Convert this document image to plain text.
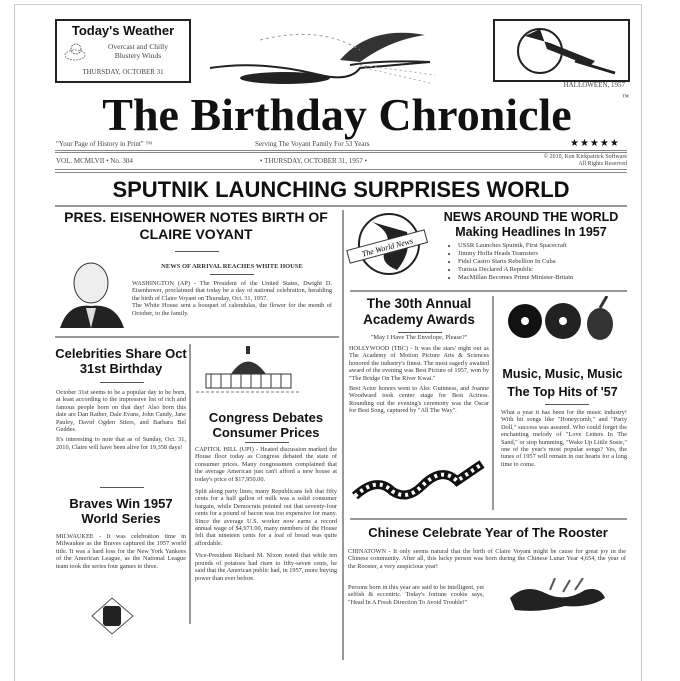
Today's Weather
Overcast and Chilly
Blustery Winds
THURSDAY, OCTOBER 31
HALLOWEEN, 1957
The Birthday Chronicle	™
"Your Page of History in Print" ™	Serving The Voyant Family For 53 Years	★★★★★
VOL. MCMLVII • No. 304	• THURSDAY, OCTOBER 31, 1957 •	© 2010, Ken Kirkpatrick Software
All Rights Reserved
SPUTNIK LAUNCHING SURPRISES WORLD
PRES. EISENHOWER NOTES BIRTH OF CLAIRE VOYANT
NEWS OF ARRIVAL REACHES WHITE HOUSE
WASHINGTON (AP) - The President of the United States, Dwight D. Eisenhower, proclaimed that today be a day of national celebration, heralding the birth of Claire Voyant on Thursday, Oct. 31, 1957.
The White House sent a bouquet of calendulas, the flower for the month of October, to the family.
Celebrities Share Oct 31st Birthday
October 31st seems to be a popular day to be born, at least according to the impressive list of rich and famous people born on that day! Also born this date are Dan Rather, Dale Evans, John Candy, Jane Pauley, David Ogden Stiers, and Barbara Bel Geddes.
It's interesting to note that as of Sunday, Oct. 31, 2010, Claire will have been alive for 19,358 days!
Braves Win 1957 World Series
MILWAUKEE - It was celebration time in Milwaukee as the Braves captured the 1957 world title. It was a hard loss for the New York Yankees of the American League, as the National League team took the series four games to three.
Congress Debates Consumer Prices
CAPITOL HILL (UPI) - Heated discussion marked the House floor today as Congress debated the state of consumer prices. Many congressmen complained that the average American just can't afford a new house at today's price of $17,950.00.
Split along party lines, many Republicans felt that fifty cents for a half gallon of milk was a solid consumer bargain, while Democrats pointed out that seventy-four cents for a pound of bacon was too expensive for many. Since the average U.S. worker now earns a record annual wage of $4,971.00, many members of the House felt that nineteen cents for a loaf of bread was quite affordable.
Vice-President Richard M. Nixon noted that while ten pounds of potatoes had risen to fifty-seven cents, he said that the American public had, in 1957, more buying power than ever before.
The World News
NEWS AROUND THE WORLD
Making Headlines In 1957
• USSR Launches Sputnik, First Spacecraft
• Jimmy Hoffa Heads Teamsters
• Fidel Castro Starts Rebellion In Cuba
• Tunisia Declared A Republic
• MacMillan Becomes Prime Minister-Britain
The 30th Annual Academy Awards
"May I Have The Envelope, Please?"
HOLLYWOOD (TBC) - It was the stars' night out as The Academy of Motion Picture Arts & Sciences honored the industry's finest. The most eagerly awaited award of the evening was Best Picture of 1957, won by "The Bridge On The River Kwai."
Best Actor honors went to Alec Guinness, and Joanne Woodward took center stage for Best Actress. Rounding out the evening's ceremony was the Oscar for Best Song, captured by "All The Way".
Music, Music, Music
The Top Hits of '57
What a year it has been for the music industry! With hit songs like "Honeycomb," and "Party Doll," success was assured. Who could forget the enchanting melody of "Love Letters In The Sand," or stop humming, "Wake Up Little Susie," one of the year's most popular songs? Yes, the tunes of 1957 will remain in our hearts for a long time to come.
Chinese Celebrate Year of The Rooster
CHINATOWN - It only seems natural that the birth of Claire Voyant might be cause for great joy in the Chinese community. After all, this lucky person was born during the Chinese Lunar Year 4,654, the year of the Rooster, a very auspicious year!
Persons born in this year are said to be intelligent, yet selfish & eccentric. Today's fortune cookie says, "Head In A Fresh Direction To Avoid Trouble!"
